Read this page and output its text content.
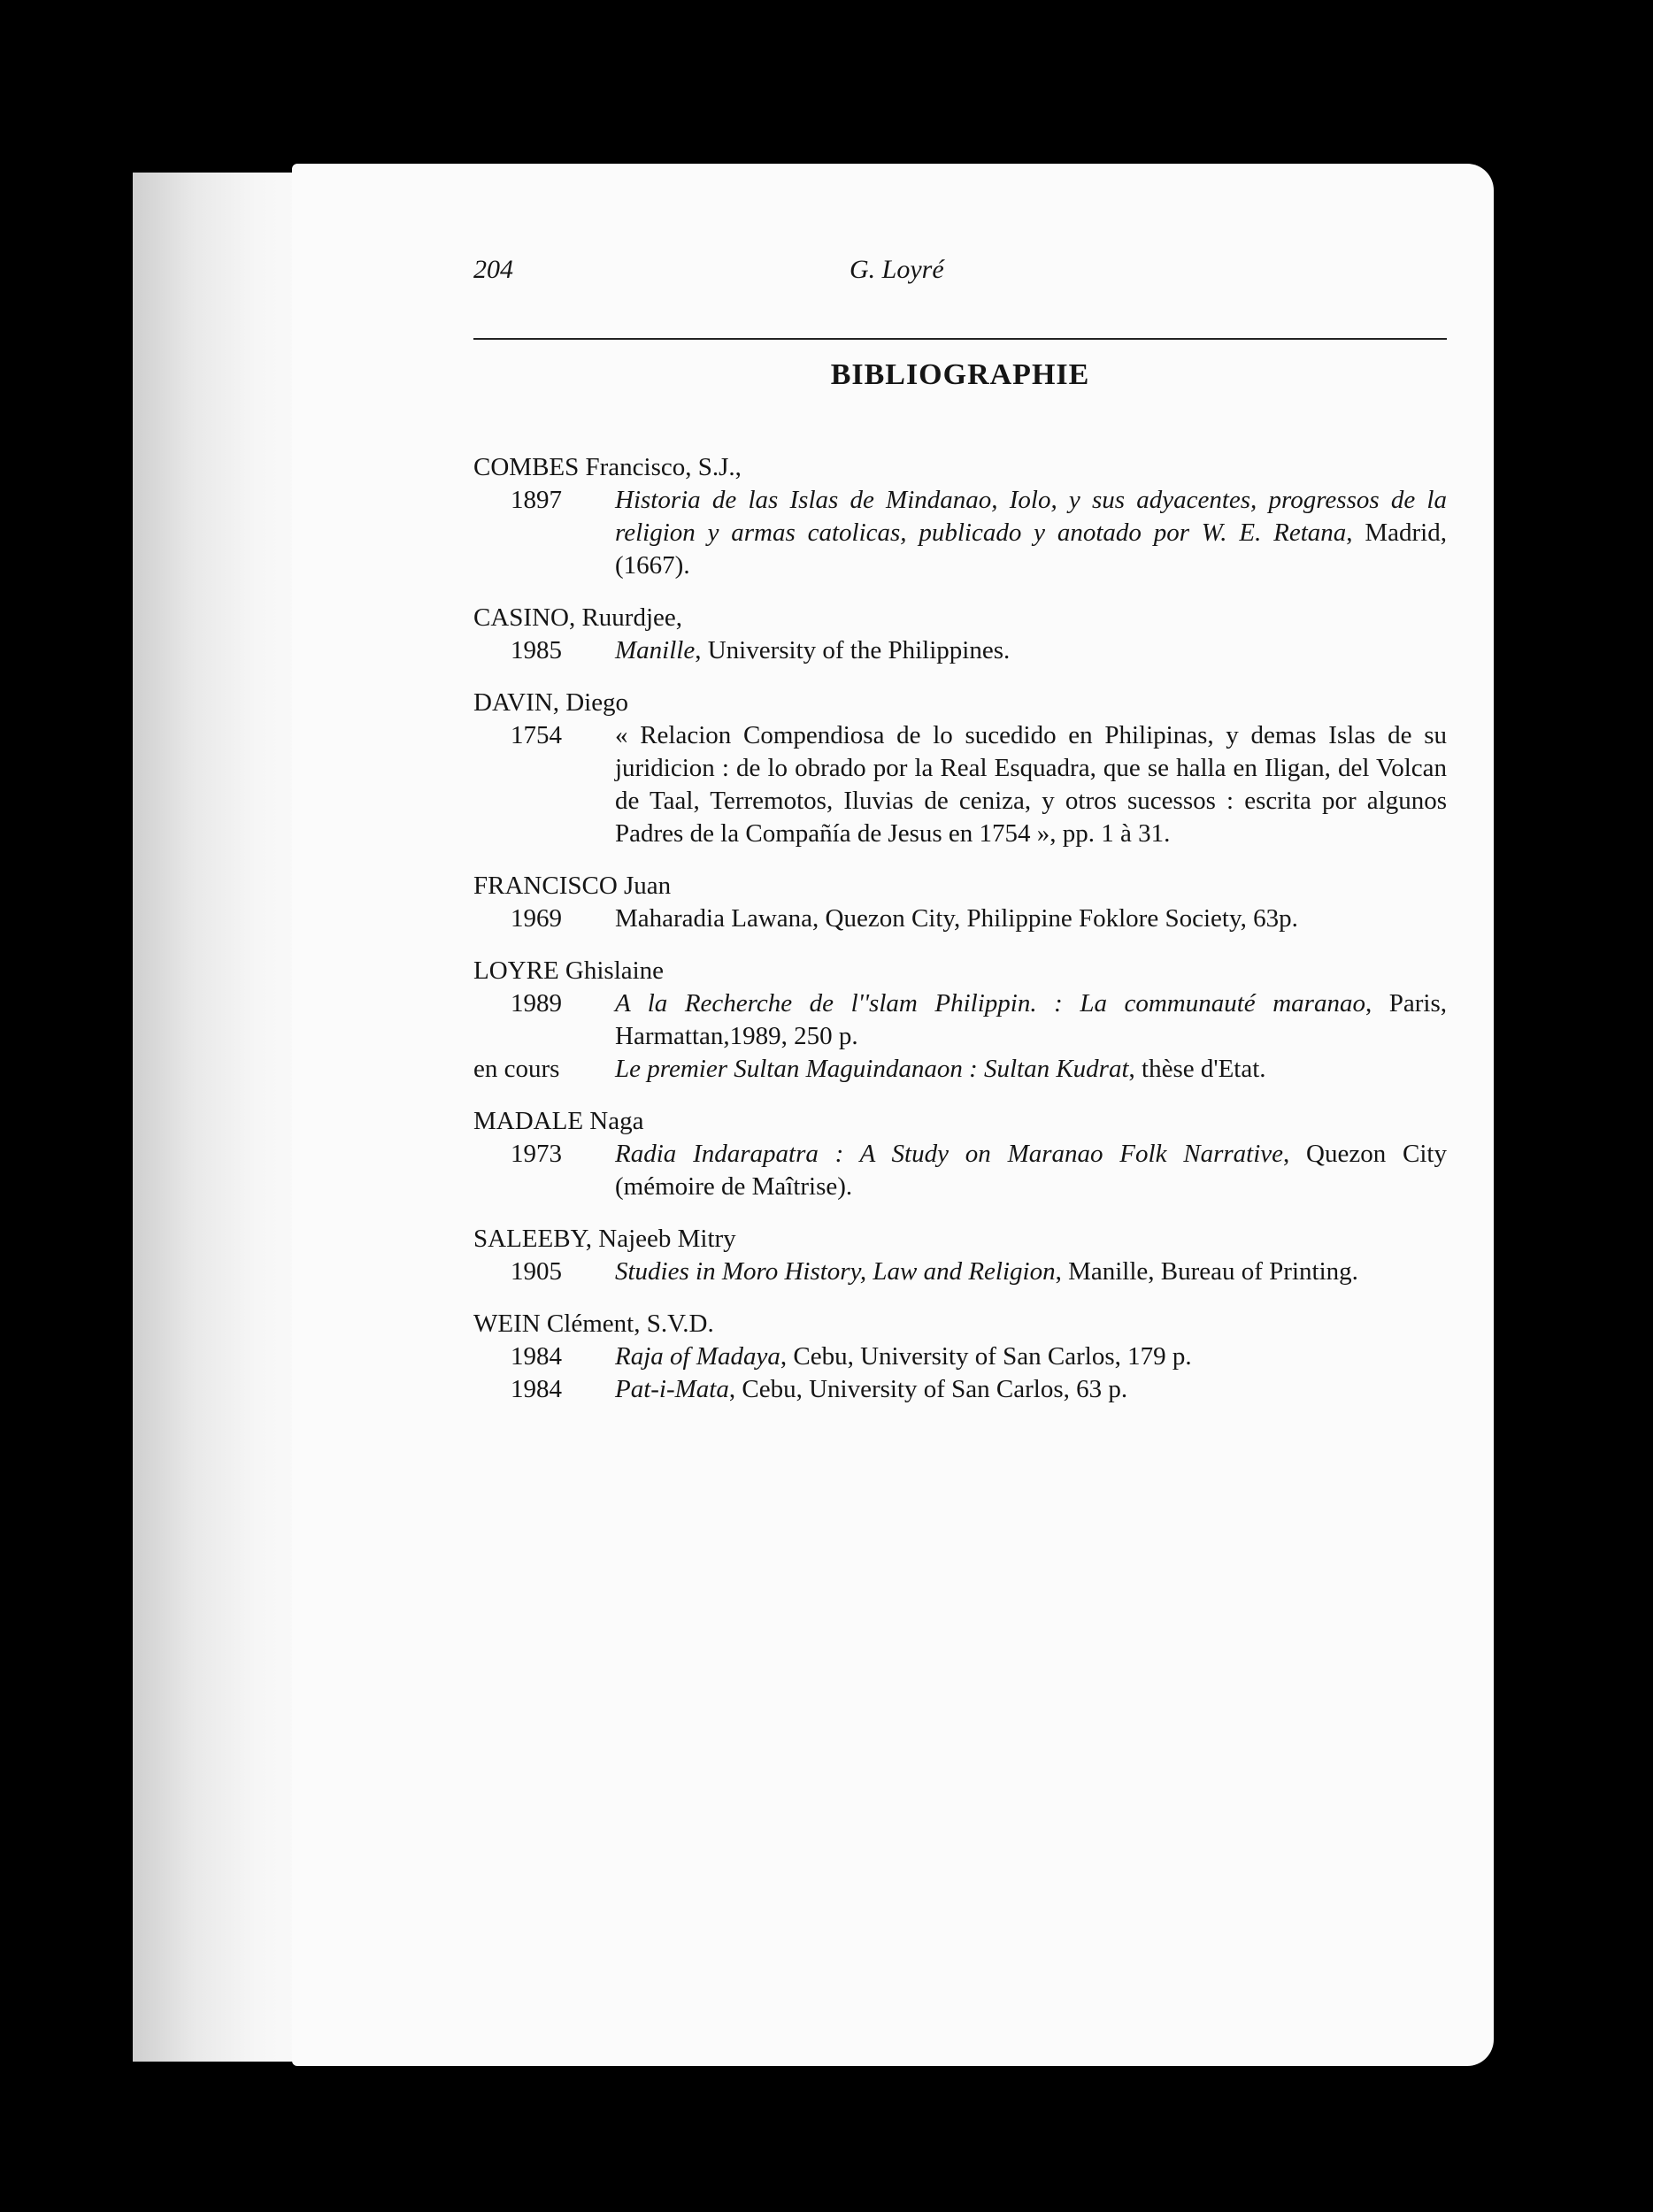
204	G. Loyré
BIBLIOGRAPHIE
COMBES Francisco, S.J.,
1897 Historia de las Islas de Mindanao, Iolo, y sus adyacentes, progressos de la religion y armas catolicas, publicado y anotado por W. E. Retana, Madrid, (1667).
CASINO, Ruurdjee,
1985 Manille, University of the Philippines.
DAVIN, Diego
1754 « Relacion Compendiosa de lo sucedido en Philipinas, y demas Islas de su juridicion : de lo obrado por la Real Esquadra, que se halla en Iligan, del Volcan de Taal, Terremotos, Iluvias de ceniza, y otros sucessos : escrita por algunos Padres de la Compañía de Jesus en 1754 », pp. 1 à 31.
FRANCISCO Juan
1969 Maharadia Lawana, Quezon City, Philippine Foklore Society, 63p.
LOYRE Ghislaine
1989 A la Recherche de l''slam Philippin. : La communauté maranao, Paris, Harmattan,1989, 250 p.
en cours Le premier Sultan Maguindanaon : Sultan Kudrat, thèse d'Etat.
MADALE Naga
1973 Radia Indarapatra : A Study on Maranao Folk Narrative, Quezon City (mémoire de Maîtrise).
SALEEBY, Najeeb Mitry
1905 Studies in Moro History, Law and Religion, Manille, Bureau of Printing.
WEIN Clément, S.V.D.
1984 Raja of Madaya, Cebu, University of San Carlos, 179 p.
1984 Pat-i-Mata, Cebu, University of San Carlos, 63 p.
